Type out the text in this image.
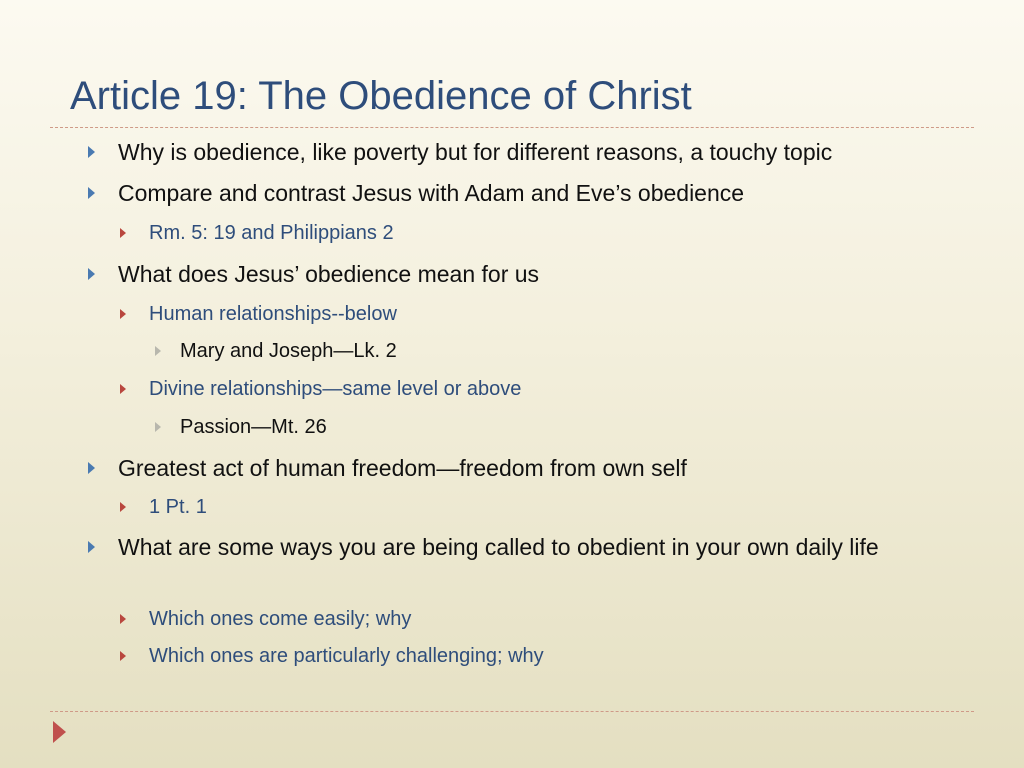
Article 19: The Obedience of Christ
Why is obedience, like poverty but for different reasons, a touchy topic
Compare and contrast Jesus with Adam and Eve’s obedience
Rm. 5: 19 and Philippians 2
What does Jesus’ obedience mean for us
Human relationships--below
Mary and Joseph—Lk. 2
Divine relationships—same level or above
Passion—Mt. 26
Greatest act of human freedom—freedom from own self
1 Pt. 1
What are some ways you are being called to obedient in your own daily life
Which ones come easily; why
Which ones are particularly challenging; why
